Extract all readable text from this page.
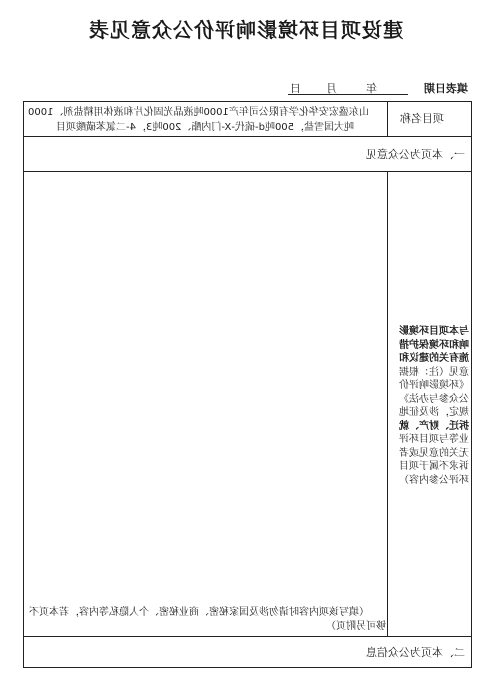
建设项目环境影响评价公众意见表
填表日期
日 月	年
项目名称
山东盛宏安华化学有限公司年产1000吨液晶光固化片和液体用精盐剂、1000
吨大国雪盐，500吨d-硫代-X-门内酯、200吨3，4-二氯苯磺酸项目
一、本页为公众意见
与本项目环境影
响和环境保护措
施有关的建议和
意见（注：根据
《环境影响评价
公众参与办法》
规定，涉及征地
拆迁、财产、就
业等与项目环评
无关的意见或者
诉求不属于项目
环评公参内容）
（填写该项内容时请勿涉及国家秘密、商业秘密、个人隐私等内容，若本页不
够可另附页）
二、本页为公众信息
